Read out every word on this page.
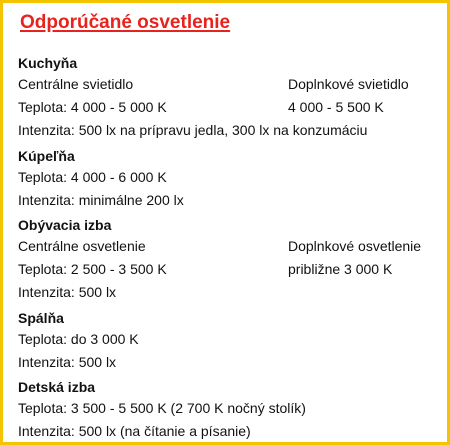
Odporúčané osvetlenie

Kuchyňa

Centrálne svietidlo	Doplnkové svietidlo
Teplota: 4 000 - 5 000 K	4 000 - 5 500 K
Intenzita: 500 lx na prípravu jedla, 300 lx na konzumáciu

Kúpeľňa

Teplota: 4 000 - 6 000 K
Intenzita: minimálne 200 lx

Obývacia izba

Centrálne osvetlenie	Doplnkové osvetlenie
Teplota: 2 500 - 3 500 K	približne 3 000 K
Intenzita: 500 lx

Spálňa

Teplota: do 3 000 K
Intenzita: 500 lx

Detská izba

Teplota: 3 500 - 5 500 K (2 700 K nočný stolík)
Intenzita: 500 lx (na čítanie a písanie)
